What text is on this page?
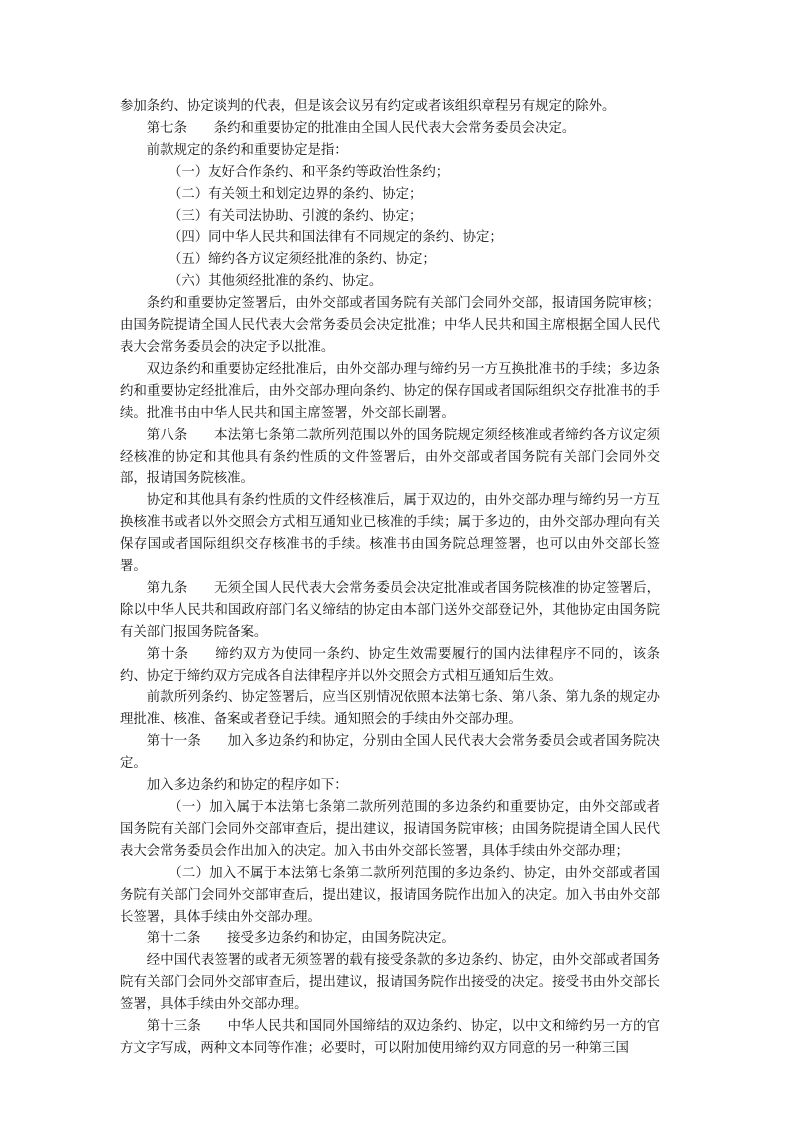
参加条约、协定谈判的代表，但是该会议另有约定或者该组织章程另有规定的除外。

第七条 条约和重要协定的批准由全国人民代表大会常务委员会决定。

前款规定的条约和重要协定是指：

（一）友好合作条约、和平条约等政治性条约；

（二）有关领土和划定边界的条约、协定；

（三）有关司法协助、引渡的条约、协定；

（四）同中华人民共和国法律有不同规定的条约、协定；

（五）缔约各方议定须经批准的条约、协定；

（六）其他须经批准的条约、协定。

条约和重要协定签署后，由外交部或者国务院有关部门会同外交部，报请国务院审核；由国务院提请全国人民代表大会常务委员会决定批准；中华人民共和国主席根据全国人民代表大会常务委员会的决定予以批准。

双边条约和重要协定经批准后，由外交部办理与缔约另一方互换批准书的手续；多边条约和重要协定经批准后，由外交部办理向条约、协定的保存国或者国际组织交存批准书的手续。批准书由中华人民共和国主席签署，外交部长副署。

第八条 本法第七条第二款所列范围以外的国务院规定须经核准或者缔约各方议定须经核准的协定和其他具有条约性质的文件签署后，由外交部或者国务院有关部门会同外交部，报请国务院核准。

协定和其他具有条约性质的文件经核准后，属于双边的，由外交部办理与缔约另一方互换核准书或者以外交照会方式相互通知业已核准的手续；属于多边的，由外交部办理向有关保存国或者国际组织交存核准书的手续。核准书由国务院总理签署，也可以由外交部长签署。

第九条 无须全国人民代表大会常务委员会决定批准或者国务院核准的协定签署后，除以中华人民共和国政府部门名义缔结的协定由本部门送外交部登记外，其他协定由国务院有关部门报国务院备案。

第十条 缔约双方为使同一条约、协定生效需要履行的国内法律程序不同的，该条约、协定于缔约双方完成各自法律程序并以外交照会方式相互通知后生效。

前款所列条约、协定签署后，应当区别情况依照本法第七条、第八条、第九条的规定办理批准、核准、备案或者登记手续。通知照会的手续由外交部办理。

第十一条 加入多边条约和协定，分别由全国人民代表大会常务委员会或者国务院决定。

加入多边条约和协定的程序如下：

（一）加入属于本法第七条第二款所列范围的多边条约和重要协定，由外交部或者国务院有关部门会同外交部审查后，提出建议，报请国务院审核；由国务院提请全国人民代表大会常务委员会作出加入的决定。加入书由外交部长签署，具体手续由外交部办理；

（二）加入不属于本法第七条第二款所列范围的多边条约、协定，由外交部或者国务院有关部门会同外交部审查后，提出建议，报请国务院作出加入的决定。加入书由外交部长签署，具体手续由外交部办理。

第十二条 接受多边条约和协定，由国务院决定。

经中国代表签署的或者无须签署的载有接受条款的多边条约、协定，由外交部或者国务院有关部门会同外交部审查后，提出建议，报请国务院作出接受的决定。接受书由外交部长签署，具体手续由外交部办理。

第十三条 中华人民共和国同外国缔结的双边条约、协定，以中文和缔约另一方的官方文字写成，两种文本同等作准；必要时，可以附加使用缔约双方同意的另一种第三国
